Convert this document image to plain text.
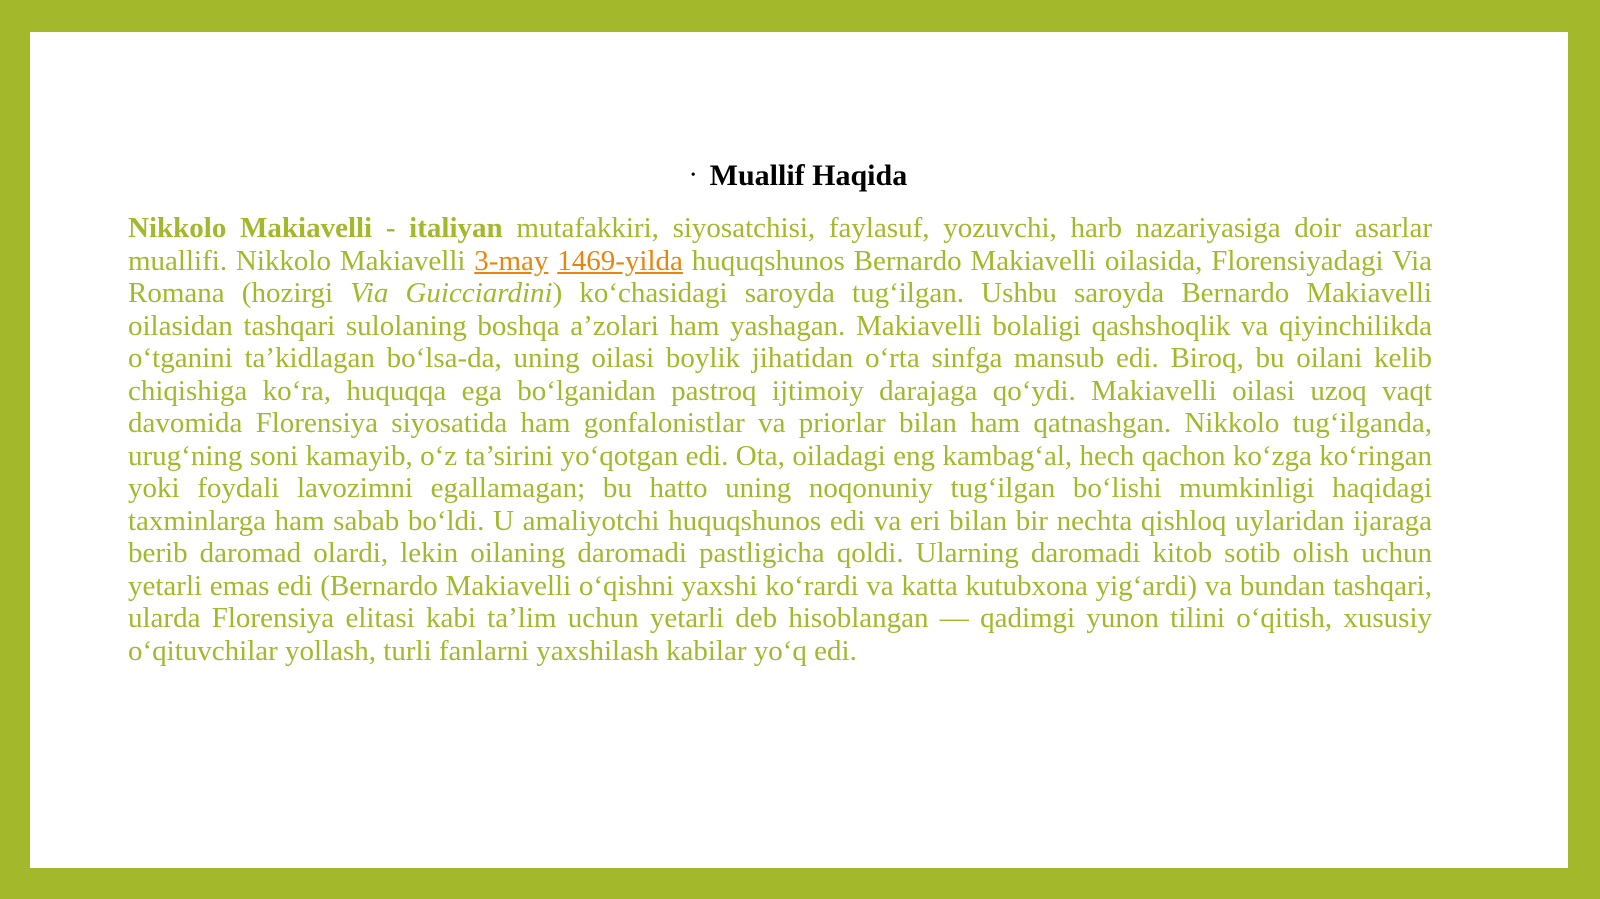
• Muallif Haqida
Nikkolo Makiavelli - italiyan mutafakkiri, siyosatchisi, faylasuf, yozuvchi, harb nazariyasiga doir asarlar muallifi. Nikkolo Makiavelli 3-may 1469-yilda huquqshunos Bernardo Makiavelli oilasida, Florensiyadagi Via Romana (hozirgi Via Guicciardini) ko‘chasidagi saroyda tug‘ilgan. Ushbu saroyda Bernardo Makiavelli oilasidan tashqari sulolaning boshqa a’zolari ham yashagan. Makiavelli bolaligi qashshoqlik va qiyinchilikda o‘tganini ta’kidlagan bo‘lsa-da, uning oilasi boylik jihatidan o‘rta sinfga mansub edi. Biroq, bu oilani kelib chiqishiga ko‘ra, huquqqa ega bo‘lganidan pastroq ijtimoiy darajaga qo‘ydi. Makiavelli oilasi uzoq vaqt davomida Florensiya siyosatida ham gonfalonistlar va priorlar bilan ham qatnashgan. Nikkolo tug‘ilganda, urug‘ning soni kamayib, o‘z ta’sirini yo‘qotgan edi. Ota, oiladagi eng kambag‘al, hech qachon ko‘zga ko‘ringan yoki foydali lavozimni egallamagan; bu hatto uning noqonuniy tug‘ilgan bo‘lishi mumkinligi haqidagi taxminlarga ham sabab bo‘ldi. U amaliyotchi huquqshunos edi va eri bilan bir nechta qishloq uylaridan ijaraga berib daromad olardi, lekin oilaning daromadi pastligicha qoldi. Ularning daromadi kitob sotib olish uchun yetarli emas edi (Bernardo Makiavelli o‘qishni yaxshi ko‘rardi va katta kutubxona yig‘ardi) va bundan tashqari, ularda Florensiya elitasi kabi ta’lim uchun yetarli deb hisoblangan — qadimgi yunon tilini o‘qitish, xususiy o‘qituvchilar yollash, turli fanlarni yaxshilash kabilar yo‘q edi.
